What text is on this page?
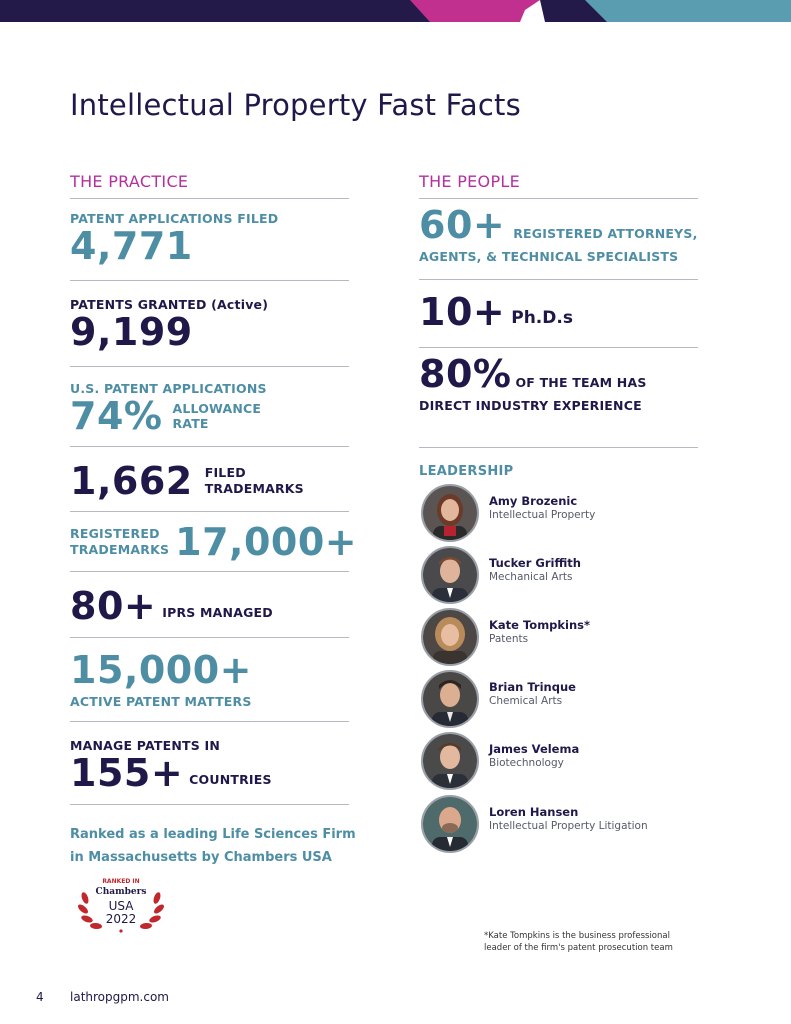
Intellectual Property Fast Facts
THE PRACTICE
PATENT APPLICATIONS FILED
4,771
PATENTS GRANTED (Active)
9,199
U.S. PATENT APPLICATIONS
74% ALLOWANCE
RATE
1,662 FILED
TRADEMARKS
REGISTERED
TRADEMARKS 17,000+
80+ IPRS MANAGED
15,000+
ACTIVE PATENT MATTERS
MANAGE PATENTS IN
155+ COUNTRIES
THE PEOPLE
60+ REGISTERED ATTORNEYS,
AGENTS, & TECHNICAL SPECIALISTS
10+ Ph.D.s
80% OF THE TEAM HAS
DIRECT INDUSTRY EXPERIENCE
LEADERSHIP
Amy Brozenic
Intellectual Property
Tucker Griffith
Mechanical Arts
Kate Tompkins*
Patents
Brian Trinque
Chemical Arts
James Velema
Biotechnology
Loren Hansen
Intellectual Property Litigation
Ranked as a leading Life Sciences Firm in Massachusetts by Chambers USA
RANKED IN
Chambers
USA
2022
*Kate Tompkins is the business professional leader of the firm's patent prosecution team
4 lathropgpm.com
